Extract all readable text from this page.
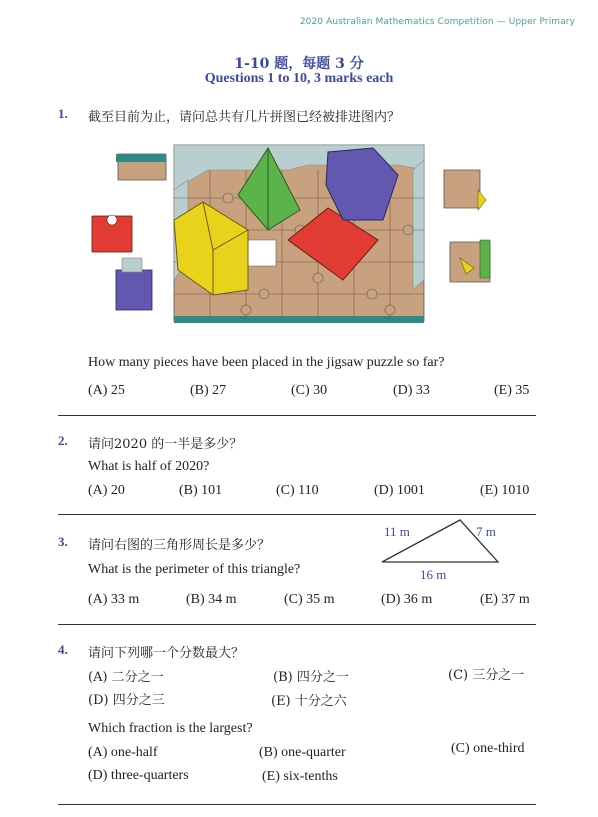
2020 Australian Mathematics Competition — Upper Primary
1-10 题，每题 3 分
Questions 1 to 10, 3 marks each
1. 截至目前为止，请问总共有几片拼图已经被排进图内？
How many pieces have been placed in the jigsaw puzzle so far?
(A) 25	(B) 27	(C) 30	(D) 33	(E) 35
2. 请问2020 的一半是多少？
What is half of 2020?
(A) 20	(B) 101	(C) 110	(D) 1001	(E) 1010
3. 请问右图的三角形周长是多少？
What is the perimeter of this triangle?
11 m	7 m
16 m
(A) 33 m	(B) 34 m	(C) 35 m	(D) 36 m	(E) 37 m
4. 请问下列哪一个分数最大？
(A) 二分之一	(B) 四分之一	(C) 三分之一
(D) 四分之三	(E) 十分之六
Which fraction is the largest?
(A) one-half	(B) one-quarter	(C) one-third
(D) three-quarters	(E) six-tenths
